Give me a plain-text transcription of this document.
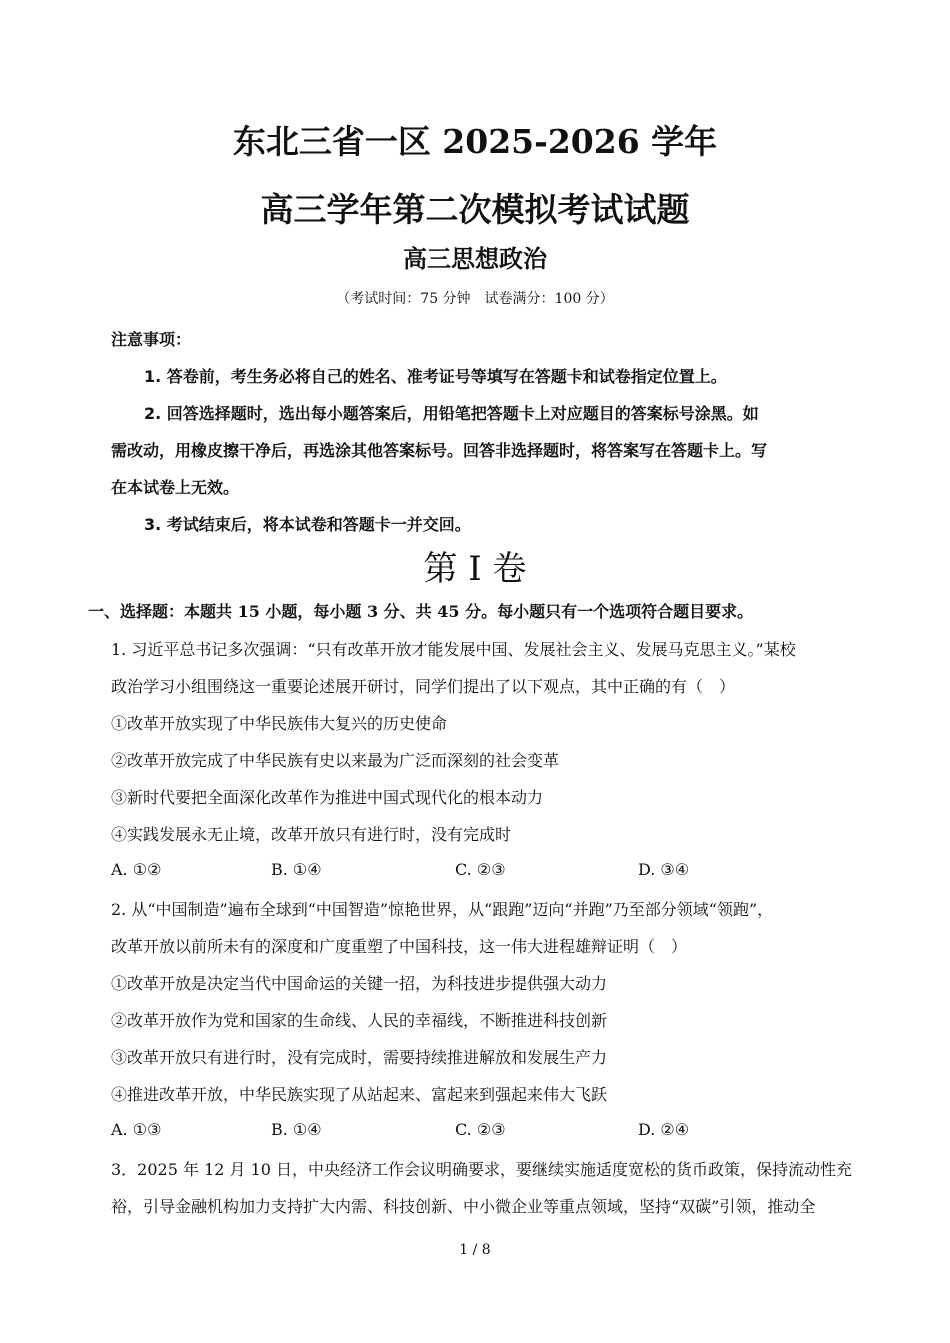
东北三省一区 2025-2026 学年
高三学年第二次模拟考试试题
高三思想政治
（考试时间：75 分钟　试卷满分：100 分）
注意事项：
1. 答卷前，考生务必将自己的姓名、准考证号等填写在答题卡和试卷指定位置上。
2. 回答选择题时，选出每小题答案后，用铅笔把答题卡上对应题目的答案标号涂黑。如
需改动，用橡皮擦干净后，再选涂其他答案标号。回答非选择题时，将答案写在答题卡上。写
在本试卷上无效。
3. 考试结束后，将本试卷和答题卡一并交回。
第 I 卷
一、选择题：本题共 15 小题，每小题 3 分、共 45 分。每小题只有一个选项符合题目要求。
1. 习近平总书记多次强调：“只有改革开放才能发展中国、发展社会主义、发展马克思主义。”某校
政治学习小组围绕这一重要论述展开研讨，同学们提出了以下观点，其中正确的有（　）
①改革开放实现了中华民族伟大复兴的历史使命
②改革开放完成了中华民族有史以来最为广泛而深刻的社会变革
③新时代要把全面深化改革作为推进中国式现代化的根本动力
④实践发展永无止境，改革开放只有进行时，没有完成时
A. ①②	B. ①④	C. ②③	D. ③④
2. 从“中国制造”遍布全球到“中国智造”惊艳世界，从“跟跑”迈向“并跑”乃至部分领域“领跑”，
改革开放以前所未有的深度和广度重塑了中国科技，这一伟大进程雄辩证明（　）
①改革开放是决定当代中国命运的关键一招，为科技进步提供强大动力
②改革开放作为党和国家的生命线、人民的幸福线，不断推进科技创新
③改革开放只有进行时，没有完成时，需要持续推进解放和发展生产力
④推进改革开放，中华民族实现了从站起来、富起来到强起来伟大飞跃
A. ①③	B. ①④	C. ②③	D. ②④
3．2025 年 12 月 10 日，中央经济工作会议明确要求，要继续实施适度宽松的货币政策，保持流动性充
裕，引导金融机构加力支持扩大内需、科技创新、中小微企业等重点领域，坚持“双碳”引领，推动全
1 / 8
